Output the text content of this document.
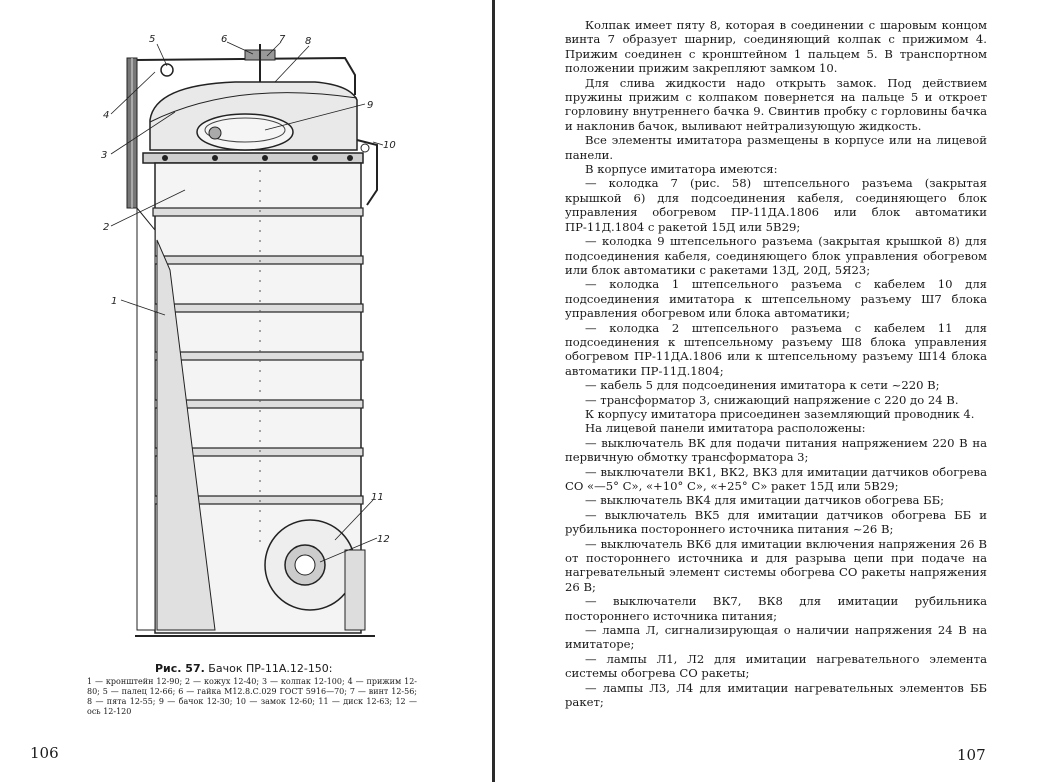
4
5	6	7 8
3
9
10
2
1
11
12
Рис. 57. Бачок ПР-11А.12-150:
1 — кронштейн 12-90; 2 — кожух 12-40; 3 — колпак 12-100; 4 — прижим 12-80; 5 — палец 12-66; 6 — гайка М12.8.С.029 ГОСТ 5916—70; 7 — винт 12-56; 8 — пята 12-55; 9 — бачок 12-30; 10 — замок 12-60; 11 — диск 12-63; 12 — ось 12-120
106

Колпак имеет пяту 8, которая в соединении с шаровым концом винта 7 образует шарнир, соединяющий колпак с прижимом 4. Прижим соединен с кронштейном 1 пальцем 5. В транспортном положении прижим закрепляют замком 10.

Для слива жидкости надо открыть замок. Под действием пружины прижим с колпаком повернется на пальце 5 и откроет горловину внутреннего бачка 9. Свинтив пробку с горловины бачка и наклонив бачок, выливают нейтрализующую жидкость.

Все элементы имитатора размещены в корпусе или на лицевой панели.

В корпусе имитатора имеются:

— колодка 7 (рис. 58) штепсельного разъема (закрытая крышкой 6) для подсоединения кабеля, соединяющего блок управления обогревом ПР-11ДА.1806 или блок автоматики ПР-11Д.1804 с ракетой 15Д или 5В29;

— колодка 9 штепсельного разъема (закрытая крышкой 8) для подсоединения кабеля, соединяющего блок управления обогревом или блок автоматики с ракетами 13Д, 20Д, 5Я23;

— колодка 1 штепсельного разъема с кабелем 10 для подсоединения имитатора к штепсельному разъему Ш7 блока управления обогревом или блока автоматики;

— колодка 2 штепсельного разъема с кабелем 11 для подсоединения к штепсельному разъему Ш8 блока управления обогревом ПР-11ДА.1806 или к штепсельному разъему Ш14 блока автоматики ПР-11Д.1804;

— кабель 5 для подсоединения имитатора к сети ~220 В;

— трансформатор 3, снижающий напряжение с 220 до 24 В.

К корпусу имитатора присоединен заземляющий проводник 4.

На лицевой панели имитатора расположены:

— выключатель ВК для подачи питания напряжением 220 В на первичную обмотку трансформатора 3;

— выключатели ВК1, ВК2, ВК3 для имитации датчиков обогрева СО «—5° С», «+10° С», «+25° С» ракет 15Д или 5В29;

— выключатель ВК4 для имитации датчиков обогрева ББ;

— выключатель ВК5 для имитации датчиков обогрева ББ и рубильника постороннего источника питания ~26 В;

— выключатель ВК6 для имитации включения напряжения 26 В от постороннего источника и для разрыва цепи при подаче на нагревательный элемент системы обогрева СО ракеты напряжения 26 В;

— выключатели ВК7, ВК8 для имитации рубильника постороннего источника питания;

— лампа Л, сигнализирующая о наличии напряжения 24 В на имитаторе;

— лампы Л1, Л2 для имитации нагревательного элемента системы обогрева СО ракеты;

— лампы Л3, Л4 для имитации нагревательных элементов ББ ракет;

107
